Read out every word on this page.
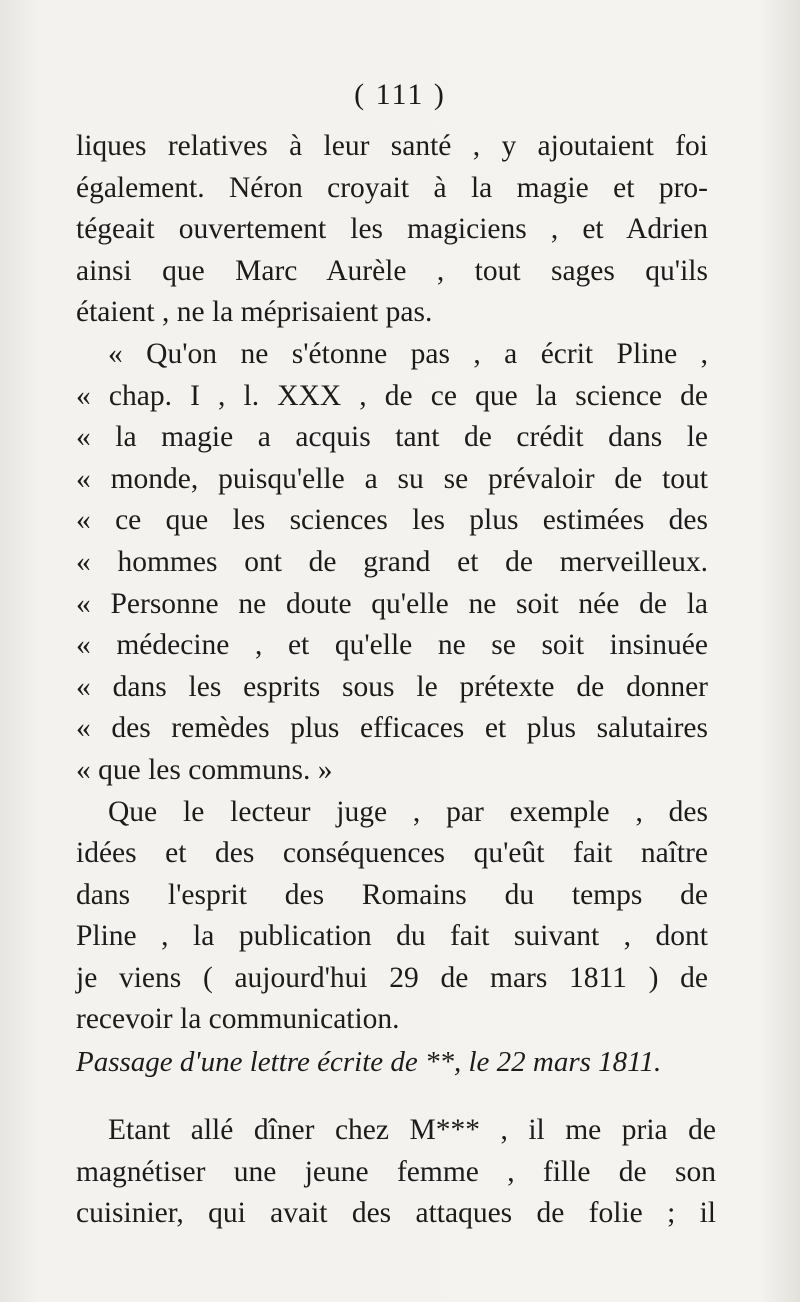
( 111 )
liques relatives à leur santé , y ajoutaient foi
également. Néron croyait à la magie et pro-
tégeait ouvertement les magiciens , et Adrien
ainsi que Marc Aurèle , tout sages qu'ils
étaient , ne la méprisaient pas.
« Qu'on ne s'étonne pas , a écrit Pline ,
« chap. I , l. XXX , de ce que la science de
« la magie a acquis tant de crédit dans le
« monde, puisqu'elle a su se prévaloir de tout
« ce que les sciences les plus estimées des
« hommes ont de grand et de merveilleux.
« Personne ne doute qu'elle ne soit née de la
« médecine , et qu'elle ne se soit insinuée
« dans les esprits sous le prétexte de donner
« des remèdes plus efficaces et plus salutaires
« que les communs. »
Que le lecteur juge , par exemple , des
idées et des conséquences qu'eût fait naître
dans l'esprit des Romains du temps de
Pline , la publication du fait suivant , dont
je viens ( aujourd'hui 29 de mars 1811 ) de
recevoir la communication.
Passage d'une lettre écrite de **, le 22 mars 1811.
Etant allé dîner chez M*** , il me pria de
magnétiser une jeune femme , fille de son
cuisinier, qui avait des attaques de folie ; il
